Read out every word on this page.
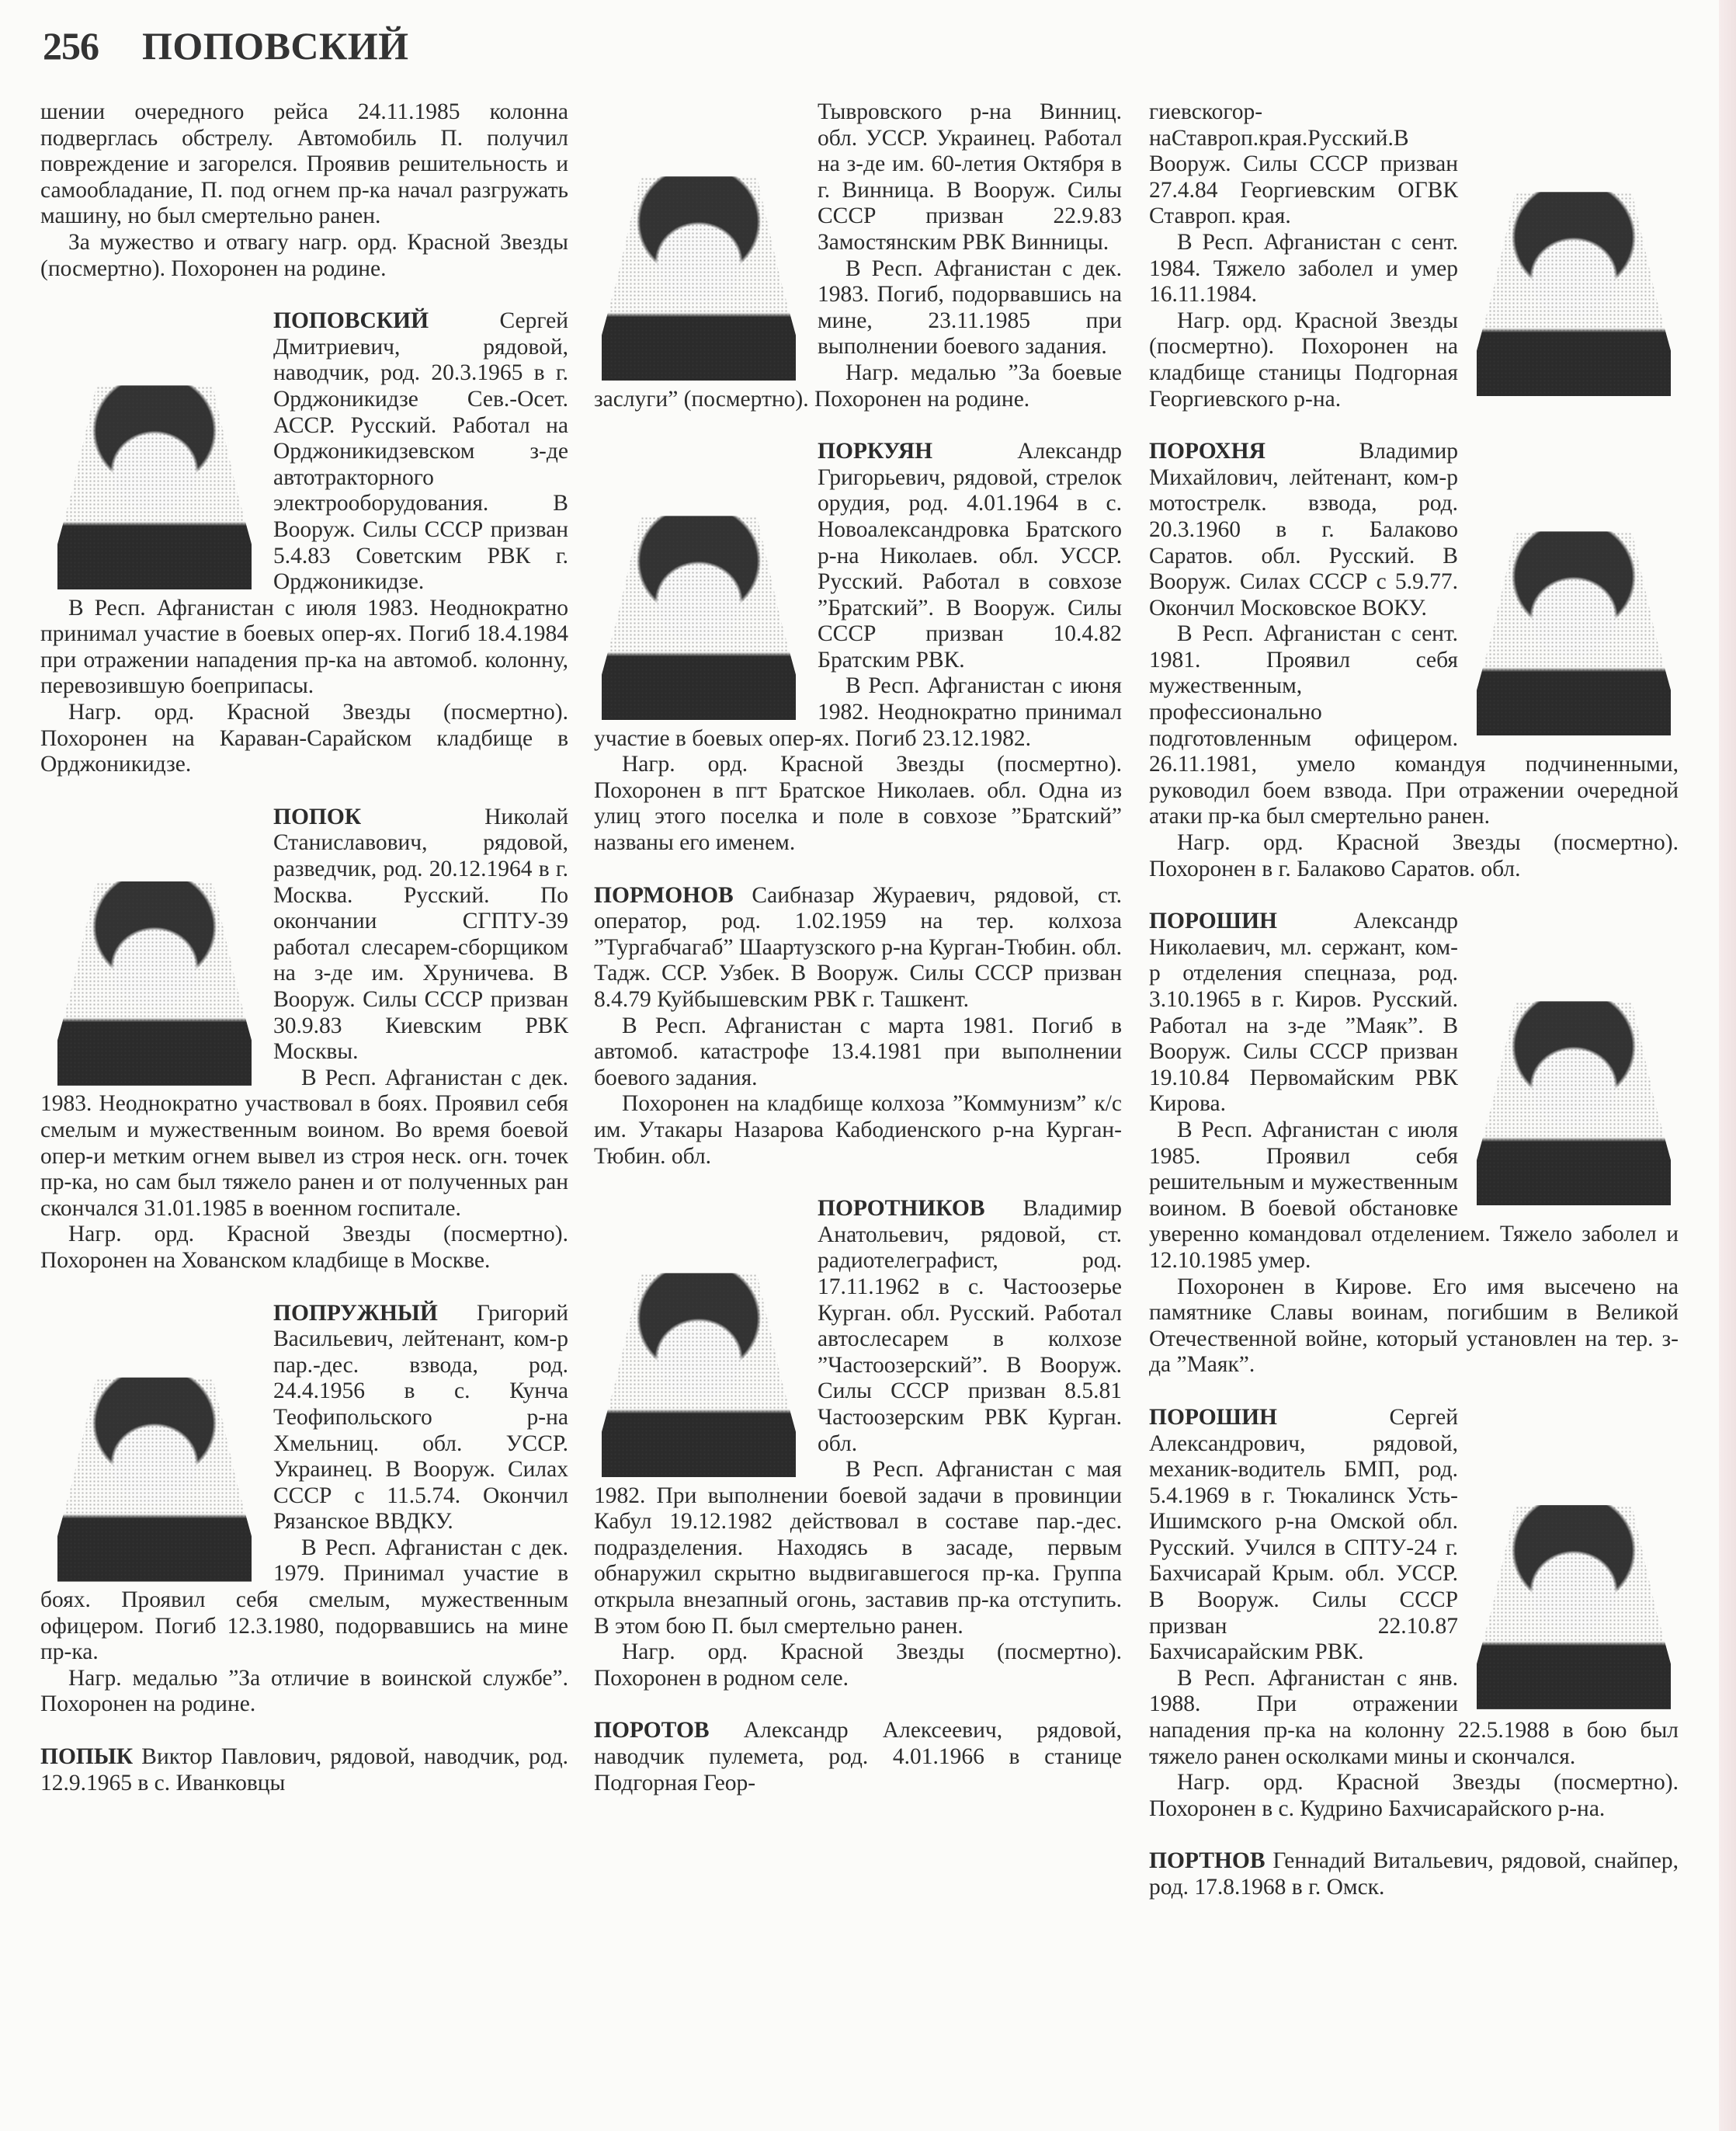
256 ПОПОВСКИЙ

шении очередного рейса 24.11.1985 колонна подверглась обстрелу. Автомобиль П. получил повреждение и загорелся. Проявив решительность и самообладание, П. под огнем пр-ка начал разгружать машину, но был смертельно ранен.

За мужество и отвагу нагр. орд. Красной Звезды (посмертно). Похоронен на родине.

ПОПОВСКИЙ Сергей Дмитриевич, рядовой, наводчик, род. 20.3.1965 в г. Орджоникидзе Сев.-Осет. АССР. Русский. Работал на Орджоникидзевском з-де автотракторного электрооборудования. В Вооруж. Силы СССР призван 5.4.83 Советским РВК г. Орджоникидзе.

В Респ. Афганистан с июля 1983. Неоднократно принимал участие в боевых опер-ях. Погиб 18.4.1984 при отражении нападения пр-ка на автомоб. колонну, перевозившую боеприпасы.

Нагр. орд. Красной Звезды (посмертно). Похоронен на Караван-Сарайском кладбище в Орджоникидзе.

ПОПОК Николай Станиславович, рядовой, разведчик, род. 20.12.1964 в г. Москва. Русский. По окончании СГПТУ-39 работал слесарем-сборщиком на з-де им. Хруничева. В Вооруж. Силы СССР призван 30.9.83 Киевским РВК Москвы.

В Респ. Афганистан с дек. 1983. Неоднократно участвовал в боях. Проявил себя смелым и мужественным воином. Во время боевой опер-и метким огнем вывел из строя неск. огн. точек пр-ка, но сам был тяжело ранен и от полученных ран скончался 31.01.1985 в военном госпитале.

Нагр. орд. Красной Звезды (посмертно). Похоронен на Хованском кладбище в Москве.

ПОПРУЖНЫЙ Григорий Васильевич, лейтенант, ком-р пар.-дес. взвода, род. 24.4.1956 в с. Кунча Теофипольского р-на Хмельниц. обл. УССР. Украинец. В Вооруж. Силах СССР с 11.5.74. Окончил Рязанское ВВДКУ.

В Респ. Афганистан с дек. 1979. Принимал участие в боях. Проявил себя смелым, мужественным офицером. Погиб 12.3.1980, подорвавшись на мине пр-ка.

Нагр. медалью ”За отличие в воинской службе”. Похоронен на родине.

ПОПЫК Виктор Павлович, рядовой, наводчик, род. 12.9.1965 в с. Иванковцы

Тывровского р-на Винниц. обл. УССР. Украинец. Работал на з-де им. 60-летия Октября в г. Винница. В Вооруж. Силы СССР призван 22.9.83 Замостянским РВК Винницы.

В Респ. Афганистан с дек. 1983. Погиб, подорвавшись на мине, 23.11.1985 при выполнении боевого задания.

Нагр. медалью ”За боевые заслуги” (посмертно). Похоронен на родине.

ПОРКУЯН Александр Григорьевич, рядовой, стрелок орудия, род. 4.01.1964 в с. Новоалександровка Братского р-на Николаев. обл. УССР. Русский. Работал в совхозе ”Братский”. В Вооруж. Силы СССР призван 10.4.82 Братским РВК.

В Респ. Афганистан с июня 1982. Неоднократно принимал участие в боевых опер-ях. Погиб 23.12.1982.

Нагр. орд. Красной Звезды (посмертно). Похоронен в пгт Братское Николаев. обл. Одна из улиц этого поселка и поле в совхозе ”Братский” названы его именем.

ПОРМОНОВ Саибназар Жураевич, рядовой, ст. оператор, род. 1.02.1959 на тер. колхоза ”Тургабчагаб” Шаартузского р-на Курган-Тюбин. обл. Тадж. ССР. Узбек. В Вооруж. Силы СССР призван 8.4.79 Куйбышевским РВК г. Ташкент.

В Респ. Афганистан с марта 1981. Погиб в автомоб. катастрофе 13.4.1981 при выполнении боевого задания.

Похоронен на кладбище колхоза ”Коммунизм” к/с им. Утакары Назарова Кабодиенского р-на Курган-Тюбин. обл.

ПОРОТНИКОВ Владимир Анатольевич, рядовой, ст. радиотелеграфист, род. 17.11.1962 в с. Частоозерье Курган. обл. Русский. Работал автослесарем в колхозе ”Частоозерский”. В Вооруж. Силы СССР призван 8.5.81 Частоозерским РВК Курган. обл.

В Респ. Афганистан с мая 1982. При выполнении боевой задачи в провинции Кабул 19.12.1982 действовал в составе пар.-дес. подразделения. Находясь в засаде, первым обнаружил скрытно выдвигавшегося пр-ка. Группа открыла внезапный огонь, заставив пр-ка отступить. В этом бою П. был смертельно ранен.

Нагр. орд. Красной Звезды (посмертно). Похоронен в родном селе.

ПОРОТОВ Александр Алексеевич, рядовой, наводчик пулемета, род. 4.01.1966 в станице Подгорная Геор-

гиевскогор-наСтавроп.края.Русский.В Вооруж. Силы СССР призван 27.4.84 Георгиевским ОГВК Ставроп. края.

В Респ. Афганистан с сент. 1984. Тяжело заболел и умер 16.11.1984.

Нагр. орд. Красной Звезды (посмертно). Похоронен на кладбище станицы Подгорная Георгиевского р-на.

ПОРОХНЯ Владимир Михайлович, лейтенант, ком-р мотострелк. взвода, род. 20.3.1960 в г. Балаково Саратов. обл. Русский. В Вооруж. Силах СССР с 5.9.77. Окончил Московское ВОКУ.

В Респ. Афганистан с сент. 1981. Проявил себя мужественным, профессионально подготовленным офицером. 26.11.1981, умело командуя подчиненными, руководил боем взвода. При отражении очередной атаки пр-ка был смертельно ранен.

Нагр. орд. Красной Звезды (посмертно). Похоронен в г. Балаково Саратов. обл.

ПОРОШИН Александр Николаевич, мл. сержант, ком-р отделения спецназа, род. 3.10.1965 в г. Киров. Русский. Работал на з-де ”Маяк”. В Вооруж. Силы СССР призван 19.10.84 Первомайским РВК Кирова.

В Респ. Афганистан с июля 1985. Проявил себя решительным и мужественным воином. В боевой обстановке уверенно командовал отделением. Тяжело заболел и 12.10.1985 умер.

Похоронен в Кирове. Его имя высечено на памятнике Славы воинам, погибшим в Великой Отечественной войне, который установлен на тер. з-да ”Маяк”.

ПОРОШИН Сергей Александрович, рядовой, механик-водитель БМП, род. 5.4.1969 в г. Тюкалинск Усть-Ишимского р-на Омской обл. Русский. Учился в СПТУ-24 г. Бахчисарай Крым. обл. УССР. В Вооруж. Силы СССР призван 22.10.87 Бахчисарайским РВК.

В Респ. Афганистан с янв. 1988. При отражении нападения пр-ка на колонну 22.5.1988 в бою был тяжело ранен осколками мины и скончался.

Нагр. орд. Красной Звезды (посмертно). Похоронен в с. Кудрино Бахчисарайского р-на.

ПОРТНОВ Геннадий Витальевич, рядовой, снайпер, род. 17.8.1968 в г. Омск.
